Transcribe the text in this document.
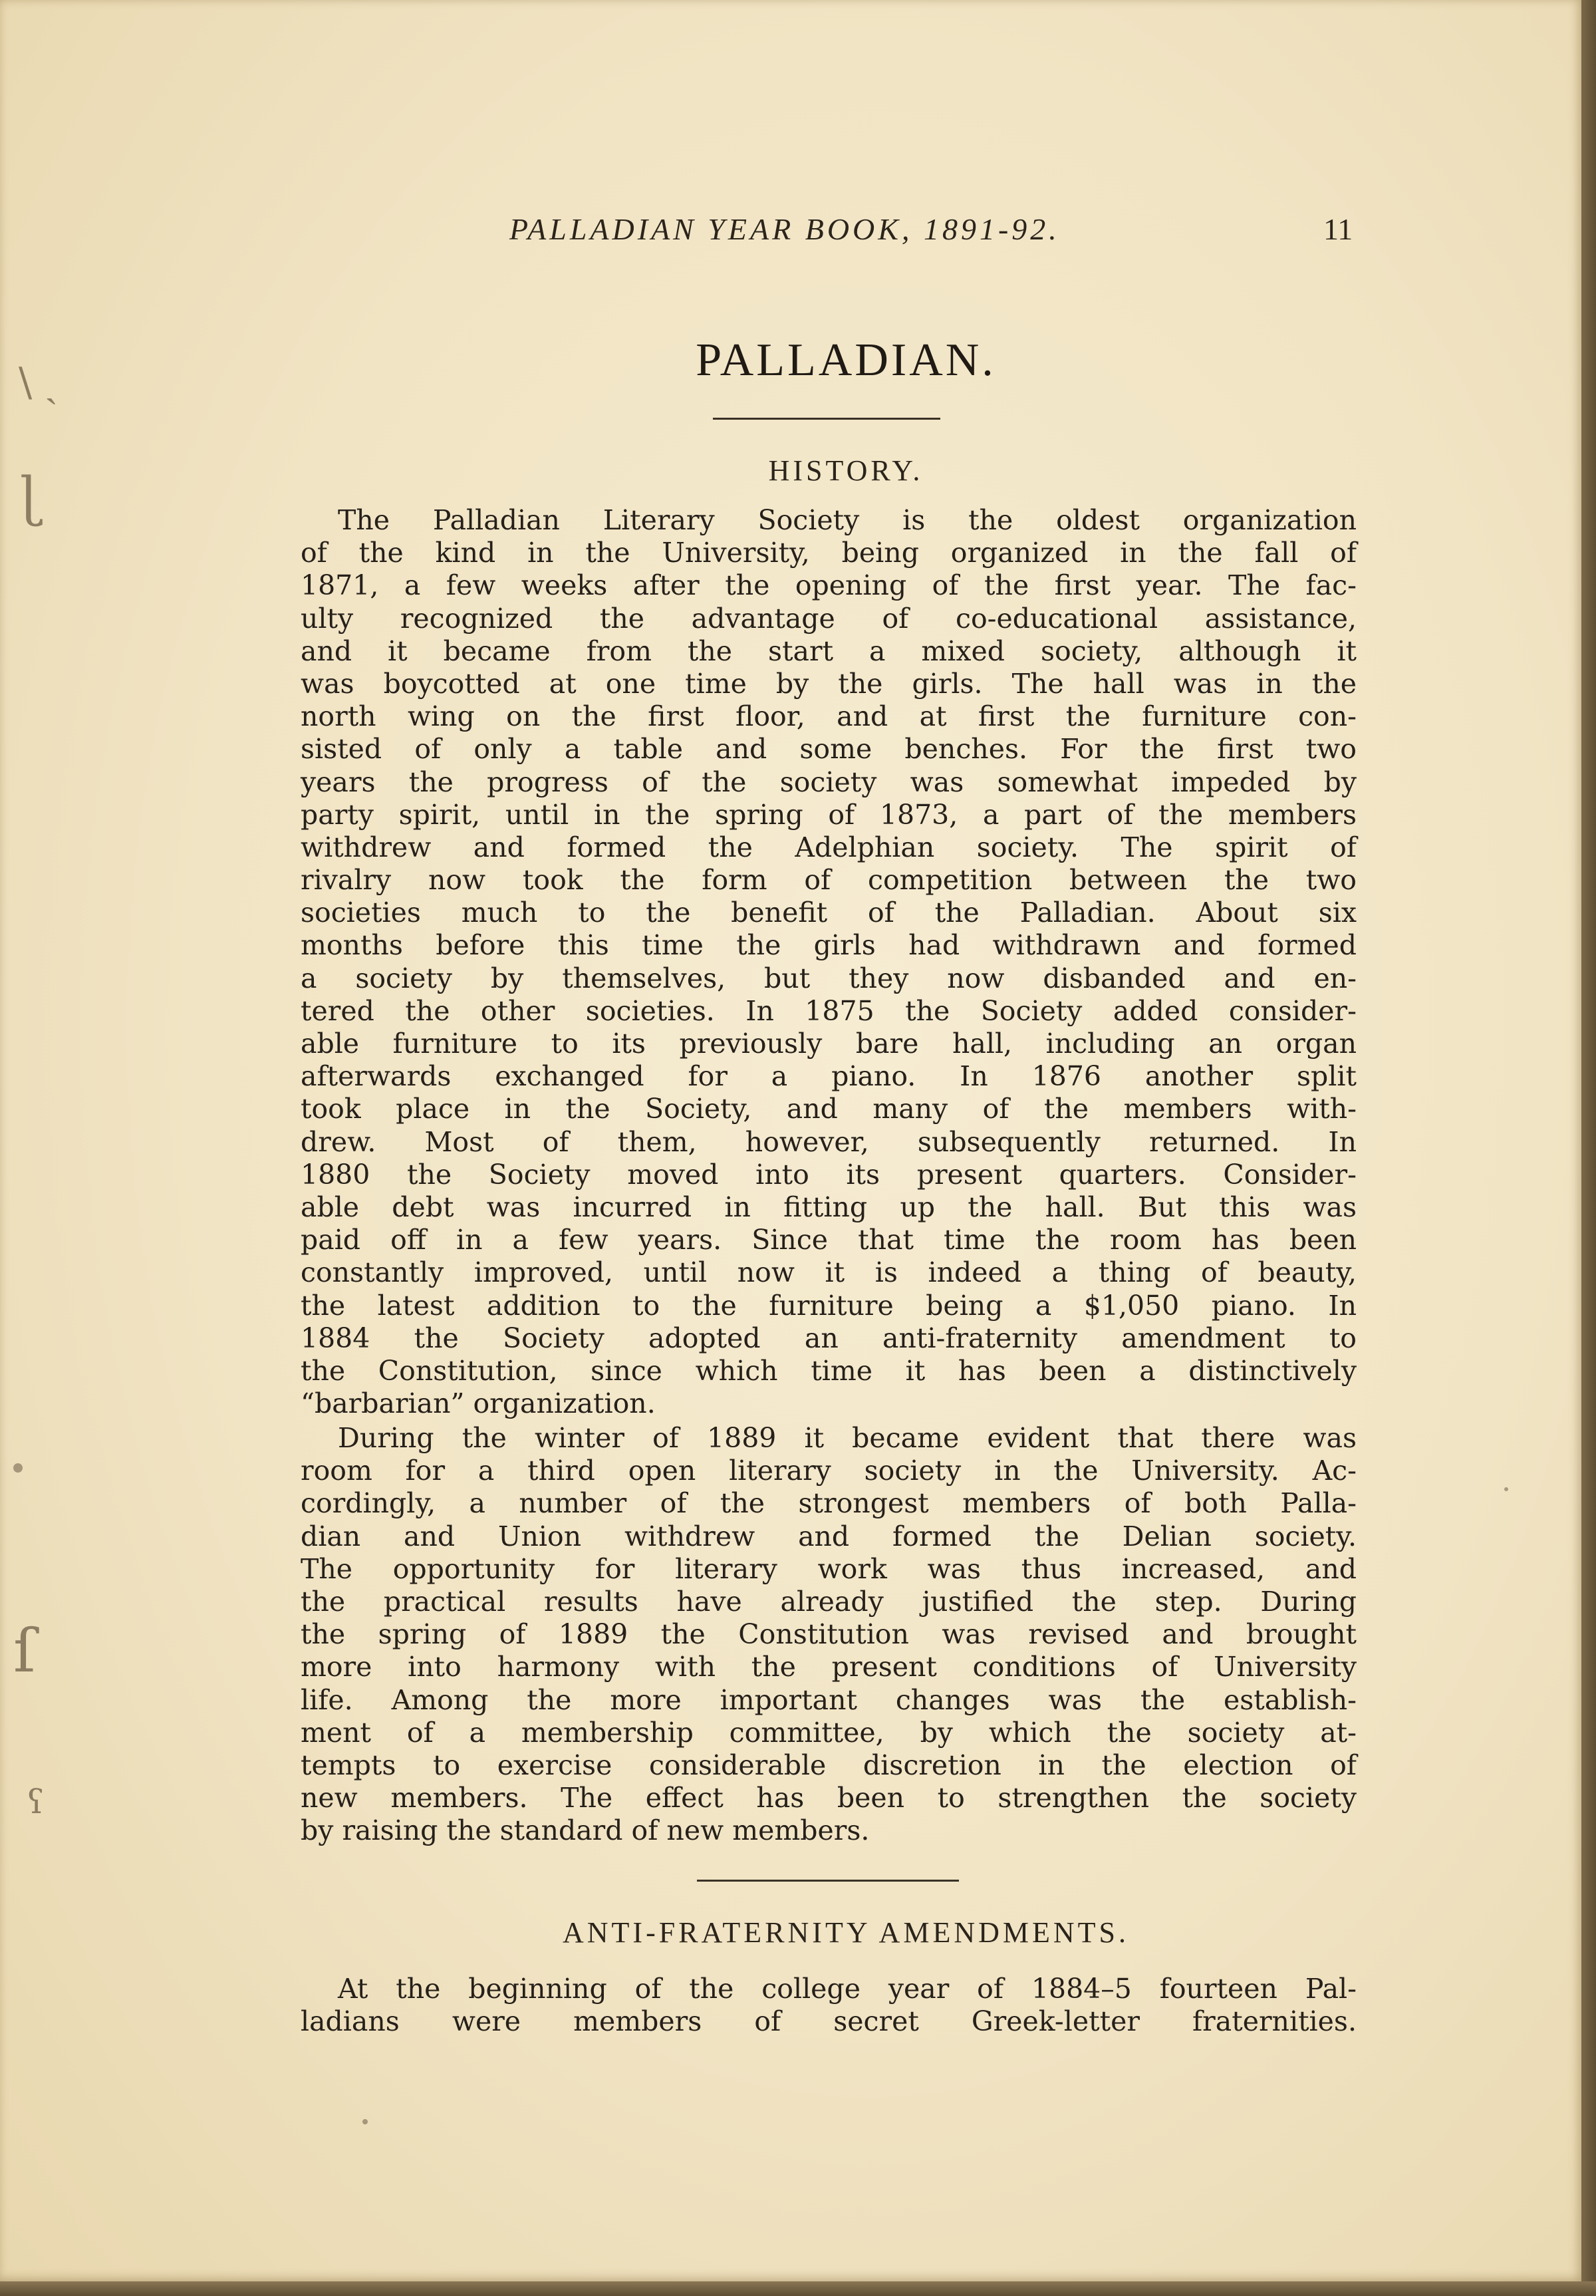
\ ˎ
ɭ
ſ
ʕ
PALLADIAN YEAR BOOK, 1891-92.	11
PALLADIAN.
HISTORY.
The Palladian Literary Society is the oldest organization
of the kind in the University, being organized in the fall of
1871, a few weeks after the opening of the first year. The fac-
ulty recognized the advantage of co-educational assistance,
and it became from the start a mixed society, although it
was boycotted at one time by the girls. The hall was in the
north wing on the first floor, and at first the furniture con-
sisted of only a table and some benches. For the first two
years the progress of the society was somewhat impeded by
party spirit, until in the spring of 1873, a part of the members
withdrew and formed the Adelphian society. The spirit of
rivalry now took the form of competition between the two
societies much to the benefit of the Palladian. About six
months before this time the girls had withdrawn and formed
a society by themselves, but they now disbanded and en-
tered the other societies. In 1875 the Society added consider-
able furniture to its previously bare hall, including an organ
afterwards exchanged for a piano. In 1876 another split
took place in the Society, and many of the members with-
drew. Most of them, however, subsequently returned. In
1880 the Society moved into its present quarters. Consider-
able debt was incurred in fitting up the hall. But this was
paid off in a few years. Since that time the room has been
constantly improved, until now it is indeed a thing of beauty,
the latest addition to the furniture being a $1,050 piano. In
1884 the Society adopted an anti-fraternity amendment to
the Constitution, since which time it has been a distinctively
“barbarian” organization.
During the winter of 1889 it became evident that there was
room for a third open literary society in the University. Ac-
cordingly, a number of the strongest members of both Palla-
dian and Union withdrew and formed the Delian society.
The opportunity for literary work was thus increased, and
the practical results have already justified the step. During
the spring of 1889 the Constitution was revised and brought
more into harmony with the present conditions of University
life. Among the more important changes was the establish-
ment of a membership committee, by which the society at-
tempts to exercise considerable discretion in the election of
new members. The effect has been to strengthen the society
by raising the standard of new members.
ANTI-FRATERNITY AMENDMENTS.
At the beginning of the college year of 1884–5 fourteen Pal-
ladians were members of secret Greek-letter fraternities.
